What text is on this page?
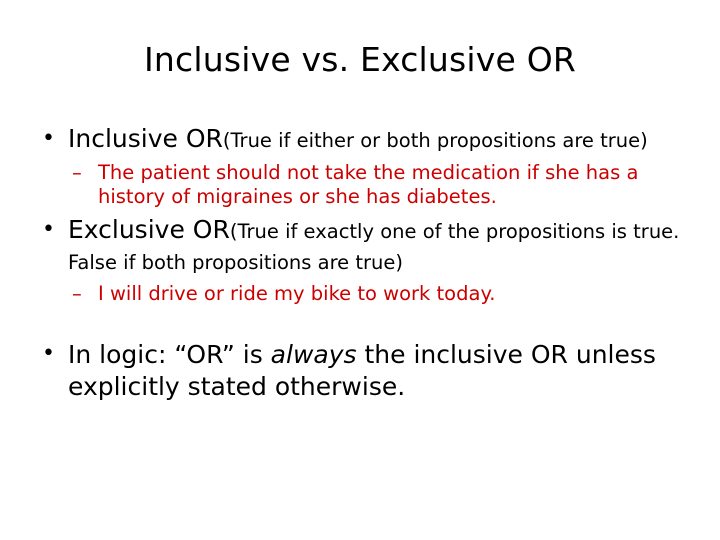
Inclusive vs. Exclusive OR
• Inclusive OR(True if either or both propositions are true)
– The patient should not take the medication if she has a history of migraines or she has diabetes.
• Exclusive OR(True if exactly one of the propositions is true. False if both propositions are true)
– I will drive or ride my bike to work today.
• In logic: “OR” is always the inclusive OR unless explicitly stated otherwise.
